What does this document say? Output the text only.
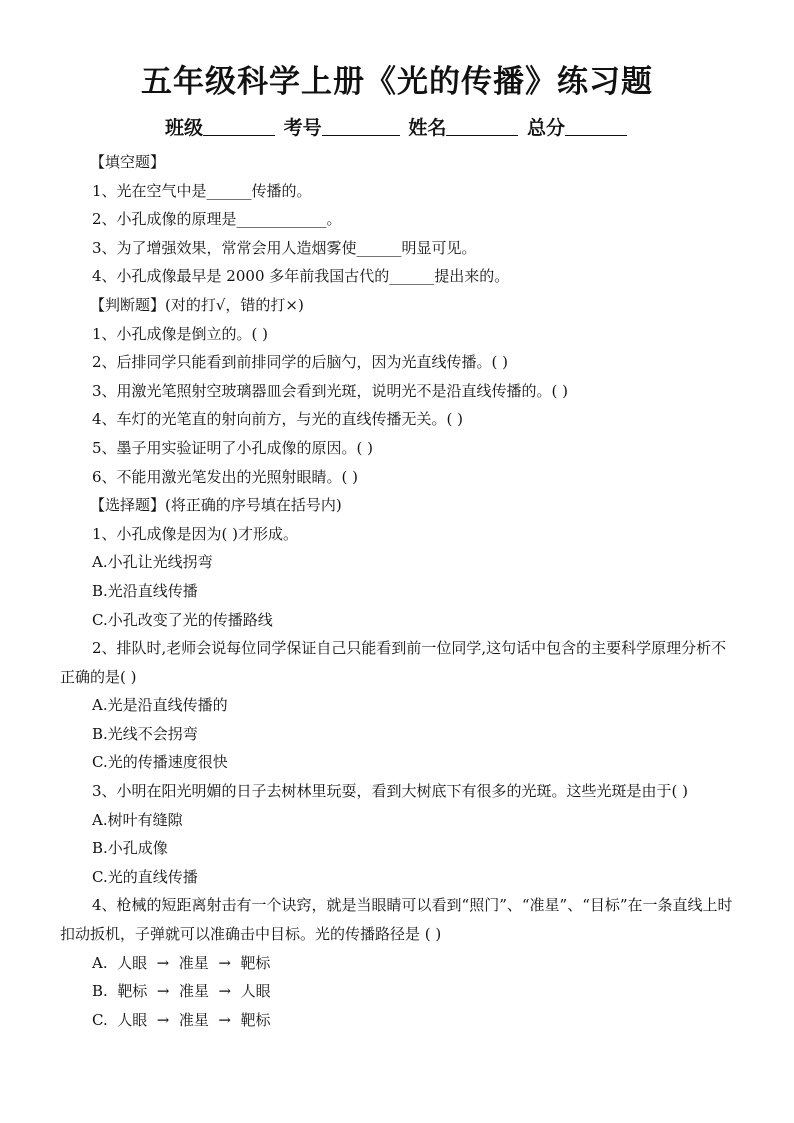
五年级科学上册《光的传播》练习题
班级	考号	姓名	总分
【填空题】

1、光在空气中是______传播的。

2、小孔成像的原理是____________。

3、为了增强效果，常常会用人造烟雾使______明显可见。

4、小孔成像最早是 2000 多年前我国古代的______提出来的。

【判断题】(对的打√，错的打×)

1、小孔成像是倒立的。( )

2、后排同学只能看到前排同学的后脑勺，因为光直线传播。( )

3、用激光笔照射空玻璃器皿会看到光斑，说明光不是沿直线传播的。( )

4、车灯的光笔直的射向前方，与光的直线传播无关。( )

5、墨子用实验证明了小孔成像的原因。( )

6、不能用激光笔发出的光照射眼睛。( )

【选择题】(将正确的序号填在括号内)

1、小孔成像是因为( )才形成。

A.小孔让光线拐弯

B.光沿直线传播

C.小孔改变了光的传播路线

2、排队时,老师会说每位同学保证自己只能看到前一位同学,这句话中包含的主要科学原理分析不正确的是( )

A.光是沿直线传播的

B.光线不会拐弯

C.光的传播速度很快

3、小明在阳光明媚的日子去树林里玩耍，看到大树底下有很多的光斑。这些光斑是由于( )

A.树叶有缝隙

B.小孔成像

C.光的直线传播

4、枪械的短距离射击有一个诀窍，就是当眼睛可以看到“照门”、“准星”、“目标”在一条直线上时扣动扳机，子弹就可以准确击中目标。光的传播路径是 ( )

A.  人眼  →  准星  →  靶标

B.  靶标  →  准星  →  人眼

C.  人眼  →  准星  →  靶标
